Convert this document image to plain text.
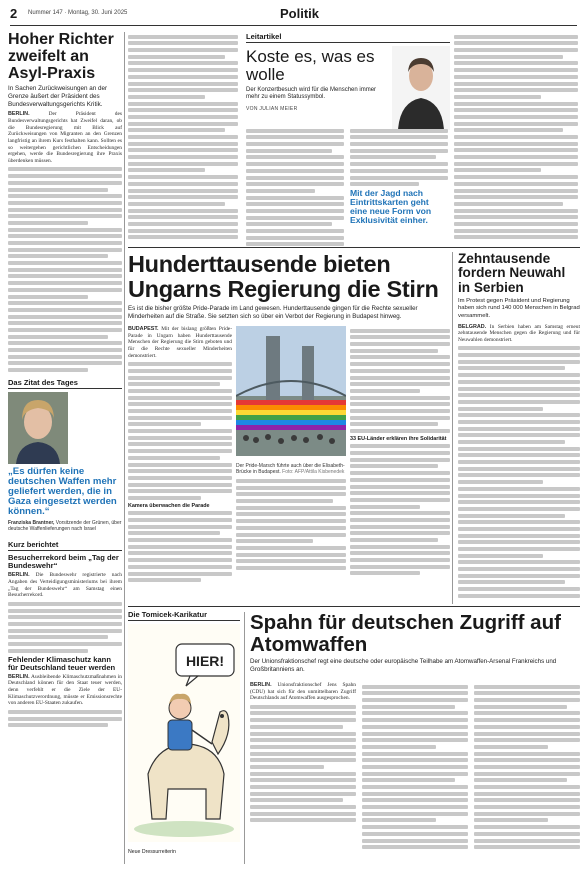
2 Nummer 147 · Montag, 30. Juni 2025	Politik
Hoher Richter zweifelt an Asyl-Praxis
In Sachen Zurückweisungen an der Grenze äußert der Präsident des Bundesverwaltungsgerichts Kritik.

BERLIN.	Der Präsident des Bundesverwaltungsgerichts hat Zweifel daran, ob die Bundesregierung mit Blick auf Zurückweisungen von Migranten an den Grenzen langfristig an ihrem Kurs festhalten kann. Sollten es so weitergehen gerichtlichen Entscheidungen ergehen, werde die Bundesregierung ihre Praxis überdenken müssen.

Das Zitat des Tages
„Es dürfen keine deutschen Waffen mehr geliefert werden, die in Gaza eingesetzt werden können.“
Franziska Brantner, Vorsitzende der Grünen, über deutsche Waffenlieferungen nach Israel
Kurz berichtet
Besucherrekord beim „Tag der Bundeswehr“

BERLIN. Die Bundeswehr registrierte nach Angaben des Verteidigungsministeriums bei ihrem „Tag der Bundeswehr“ am Samstag einen Besucherrekord.

Fehlender Klimaschutz kann für Deutschland teuer werden

BERLIN. Ausbleibende Klimaschutzmaßnahmen in Deutschland können für den Staat teuer werden, denn verfehlt er die Ziele der EU-Klimaschutzverordnung, müsste er Emissionsrechte von anderen EU-Staaten zukaufen.

Leitartikel
Koste es, was es wolle
Der Konzertbesuch wird für die Menschen immer mehr zu einem Statussymbol.
VON JULIAN MEIER
Mit der Jagd nach Eintrittskarten geht eine neue Form von Exklusivität einher.
Hunderttausende bieten Ungarns Regierung die Stirn
Es ist die bisher größte Pride-Parade im Land gewesen. Hunderttausende gingen für die Rechte sexueller Minderheiten auf die Straße. Sie setzten sich so über ein Verbot der Regierung in Budapest hinweg.

BUDAPEST. Mit der bislang größten Pride-Parade in Ungarn haben Hunderttausende Menschen der Regierung die Stirn geboten und für die Rechte sexueller Minderheiten demonstriert.

Kamera überwachen die Parade
Der Pride-Marsch führte auch über die Elisabeth-Brücke in Budapest. Foto: AFP/Attila Kisbenedek
33 EU-Länder erklären ihre Solidarität
Zehntausende fordern Neuwahl in Serbien
Im Protest gegen Präsident und Regierung haben sich rund 140 000 Menschen in Belgrad versammelt.

BELGRAD. In Serbien haben am Samstag erneut zehntausende Menschen gegen die Regierung und für Neuwahlen demonstriert.

Die Tomicek-Karikatur
HIER!
Neue Dressurreiterin
Spahn für deutschen Zugriff auf Atomwaffen
Der Unionsfraktionschef regt eine deutsche oder europäische Teilhabe am Atomwaffen-Arsenal Frankreichs und Großbritanniens an.

BERLIN. Unionsfraktionschef Jens Spahn (CDU) hat sich für den unmittelbaren Zugriff Deutschlands auf Atomwaffen ausgesprochen.
